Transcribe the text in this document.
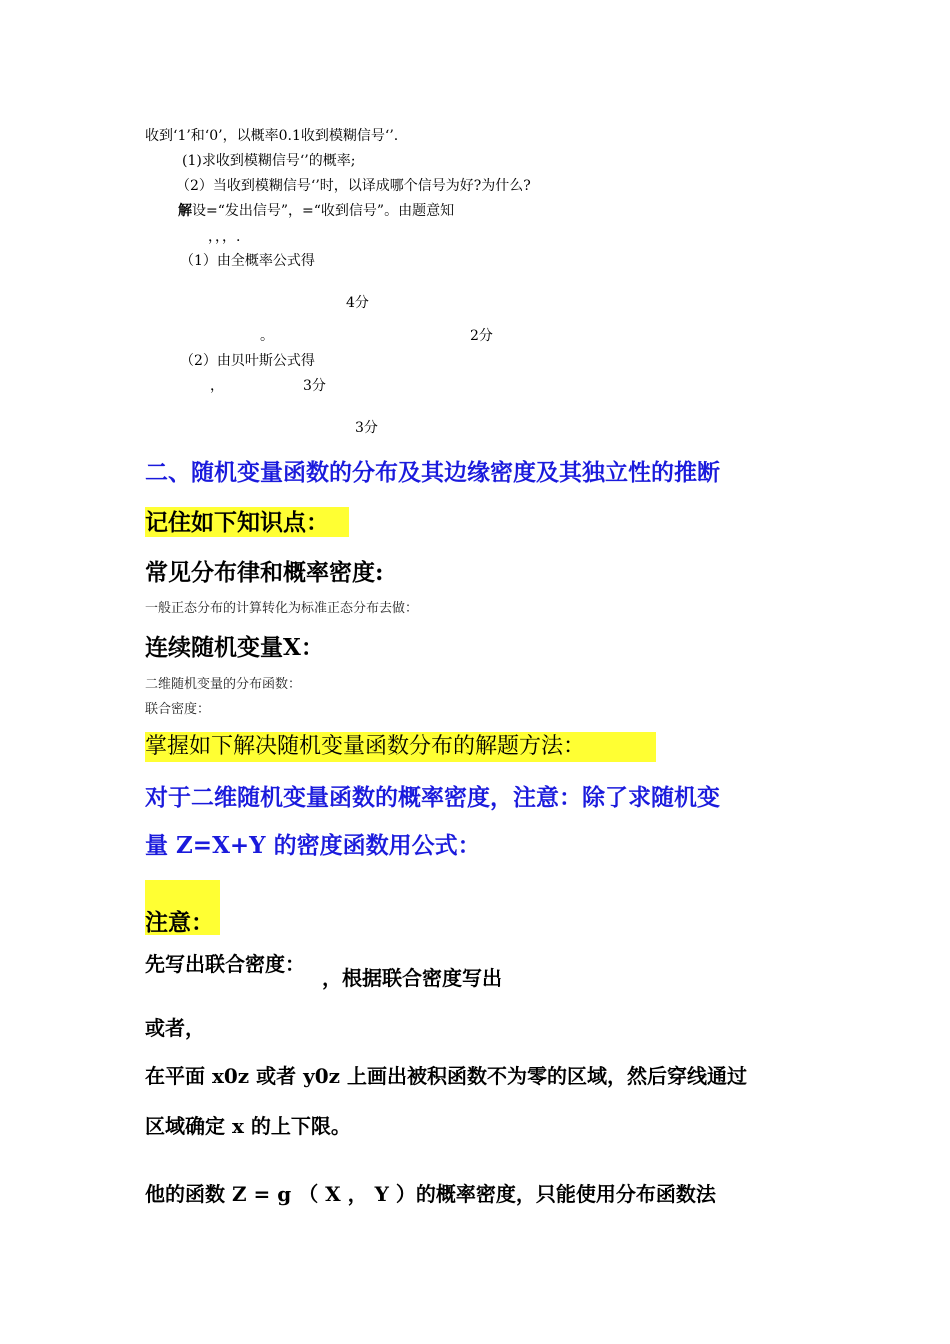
收到‘1’和‘0’，以概率0.1收到模糊信号‘’.
(1)求收到模糊信号‘’的概率;
（2）当收到模糊信号‘’时，以译成哪个信号为好?为什么?
解设=“发出信号”，=“收到信号”。由题意知
，，，.
（1）由全概率公式得
4分
。	2分
（2）由贝叶斯公式得
，	3分
3分
二、随机变量函数的分布及其边缘密度及其独立性的推断
记住如下知识点：
常见分布律和概率密度:
一般正态分布的计算转化为标准正态分布去做：
连续随机变量X：
二维随机变量的分布函数：
联合密度：
掌握如下解决随机变量函数分布的解题方法：
对于二维随机变量函数的概率密度，注意：除了求随机变
量 Z=X+Y 的密度函数用公式：
注意：
先写出联合密度：
，根据联合密度写出
或者，
在平面 x0z 或者 y0z 上画出被积函数不为零的区域，然后穿线通过
区域确定 x 的上下限。
他的函数 Z = g （ X ， Y ）的概率密度，只能使用分布函数法
